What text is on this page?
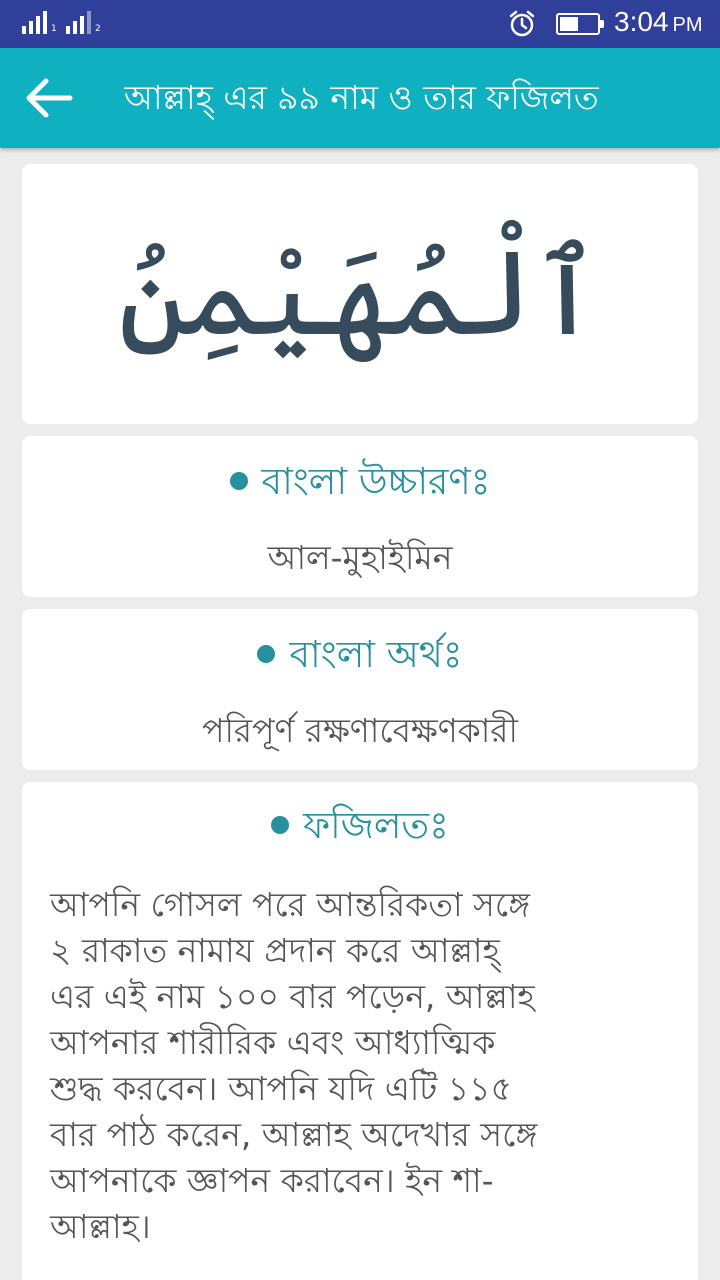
1	2	3:04 PM
আল্লাহ্ এর ৯৯ নাম ও তার ফজিলত
ٱلْمُهَيْمِنُ
বাংলা উচ্চারণঃ
আল-মুহাইমিন
বাংলা অর্থঃ
পরিপূর্ণ রক্ষণাবেক্ষণকারী
ফজিলতঃ
আপনি গোসল পরে আন্তরিকতা সঙ্গে
২ রাকাত নামায প্রদান করে আল্লাহ্
এর এই নাম ১০০ বার পড়েন, আল্লাহ
আপনার শারীরিক এবং আধ্যাত্মিক
শুদ্ধ করবেন। আপনি যদি এটি ১১৫
বার পাঠ করেন, আল্লাহ অদেখার সঙ্গে
আপনাকে জ্ঞাপন করাবেন। ইন শা-
আল্লাহ।
